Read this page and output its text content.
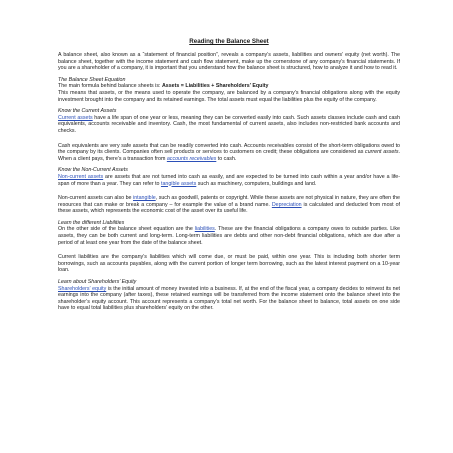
Reading the Balance Sheet

A balance sheet, also known as a “statement of financial position”, reveals a company’s assets, liabilities and owners’ equity (net worth). The balance sheet, together with the income statement and cash flow statement, make up the cornerstone of any company’s financial statements. If you are a shareholder of a company, it is important that you understand how the balance sheet is structured, how to analyze it and how to read it.

The Balance Sheet Equation

The main formula behind balance sheets is: Assets = Liabilities + Shareholders’ Equity
This means that assets, or the means used to operate the company, are balanced by a company’s financial obligations along with the equity investment brought into the company and its retained earnings. The total assets must equal the liabilities plus the equity of the company.

Know the Current Assets

Current assets have a life span of one year or less, meaning they can be converted easily into cash. Such assets classes include cash and cash equivalents, accounts receivable and inventory. Cash, the most fundamental of current assets, also includes non-restricted bank accounts and checks.

Cash equivalents are very safe assets that can be readily converted into cash. Accounts receivables consist of the short-term obligations owed to the company by its clients. Companies often sell products or services to customers on credit; these obligations are considered as current assets. When a client pays, there’s a transaction from accounts receivables to cash.

Know the Non-Current Assets

Non-current assets are assets that are not turned into cash as easily, and are expected to be turned into cash within a year and/or have a life-span of more than a year. They can refer to tangible assets such as machinery, computers, buildings and land.

Non-current assets can also be intangible, such as goodwill, patents or copyright. While these assets are not physical in nature, they are often the resources that can make or break a company – for example the value of a brand name. Depreciation is calculated and deducted from most of these assets, which represents the economic cost of the asset over its useful life.

Learn the different Liabilities

On the other side of the balance sheet equation are the liabilities. These are the financial obligations a company owes to outside parties. Like assets, they can be both current and long-term. Long-term liabilities are debts and other non-debt financial obligations, which are due after a period of at least one year from the date of the balance sheet.

Current liabilities are the company’s liabilities which will come due, or must be paid, within one year. This is including both shorter term borrowings, such as accounts payables, along with the current portion of longer term borrowing, such as the latest interest payment on a 10-year loan.

Learn about Shareholders’ Equity

Shareholders’ equity is the initial amount of money invested into a business. If, at the end of the fiscal year, a company decides to reinvest its net earnings into the company (after taxes), these retained earnings will be transferred from the income statement onto the balance sheet into the shareholder’s equity account. This account represents a company’s total net worth. For the balance sheet to balance, total assets on one side have to equal total liabilities plus shareholders’ equity on the other.
